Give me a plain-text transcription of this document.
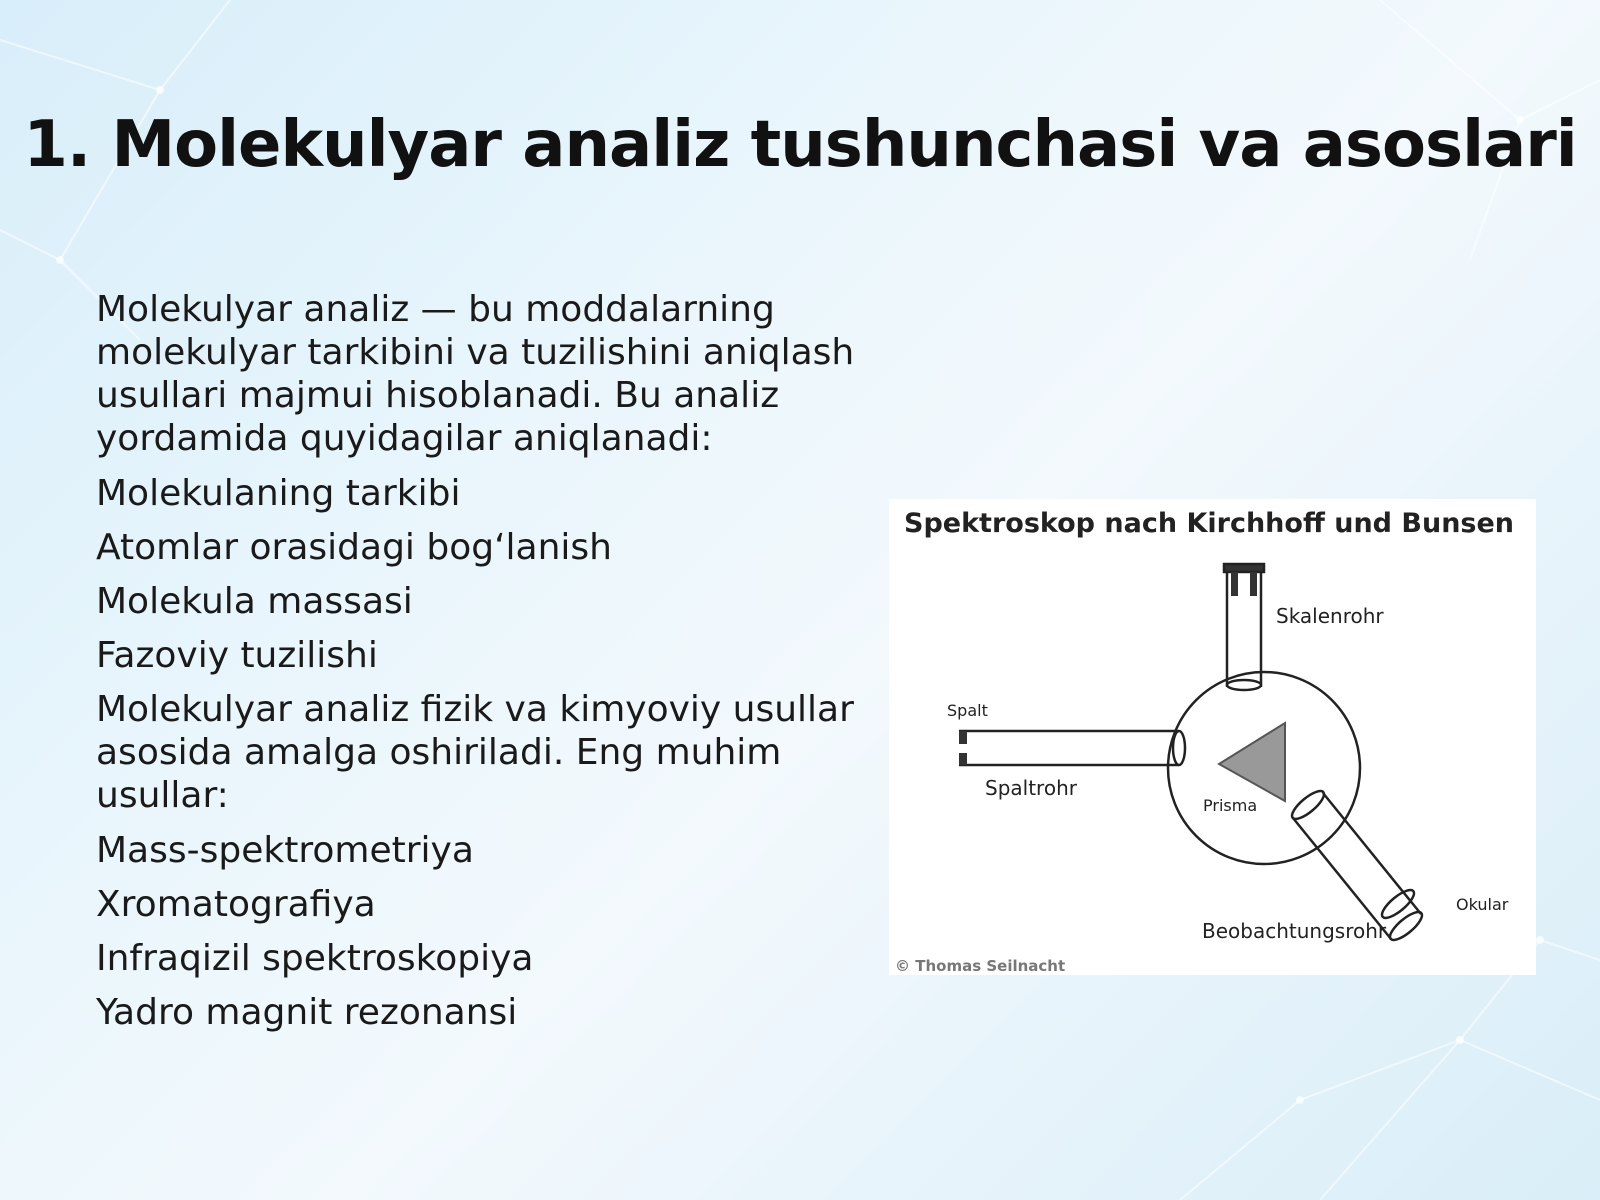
1. Molekulyar analiz tushunchasi va asoslari
Molekulyar analiz — bu moddalarning molekulyar tarkibini va tuzilishini aniqlash usullari majmui hisoblanadi. Bu analiz yordamida quyidagilar aniqlanadi:
Molekulaning tarkibi
Atomlar orasidagi bog‘lanish
Molekula massasi
Fazoviy tuzilishi
Molekulyar analiz fizik va kimyoviy usullar asosida amalga oshiriladi. Eng muhim usullar:
Mass-spektrometriya
Xromatografiya
Infraqizil spektroskopiya
Yadro magnit rezonansi
Spektroskop nach Kirchhoff und Bunsen
Skalenrohr
Spalt
Spaltrohr
Prisma
Okular
Beobachtungsrohr
© Thomas Seilnacht
